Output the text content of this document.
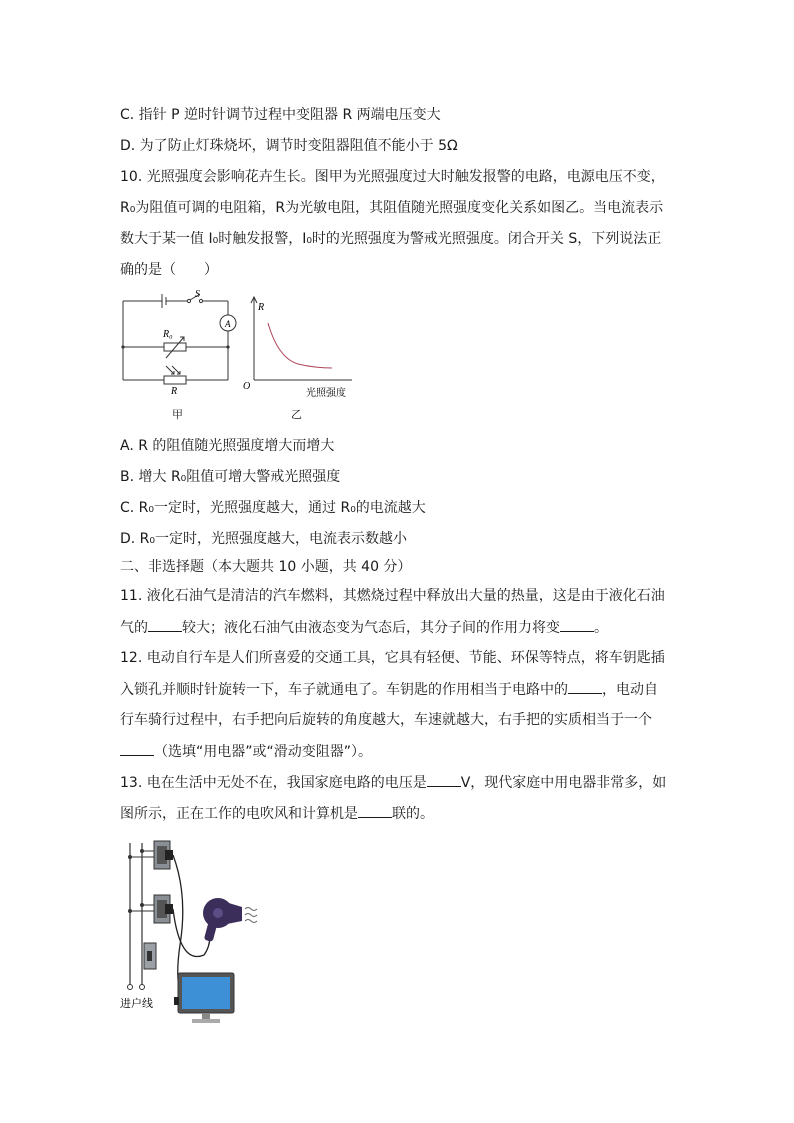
C. 指针 P 逆时针调节过程中变阻器 R 两端电压变大
D. 为了防止灯珠烧坏，调节时变阻器阻值不能小于 5Ω
10. 光照强度会影响花卉生长。图甲为光照强度过大时触发报警的电路，电源电压不变，
R₀为阻值可调的电阻箱，R为光敏电阻，其阻值随光照强度变化关系如图乙。当电流表示
数大于某一值 I₀时触发报警，I₀时的光照强度为警戒光照强度。闭合开关 S，下列说法正
确的是（　　）
S
A
R₀
R
甲
R
O
光照强度
乙
A. R 的阻值随光照强度增大而增大
B. 增大 R₀阻值可增大警戒光照强度
C. R₀一定时，光照强度越大，通过 R₀的电流越大
D. R₀一定时，光照强度越大，电流表示数越小
二、非选择题（本大题共 10 小题，共 40 分）
11. 液化石油气是清洁的汽车燃料，其燃烧过程中释放出大量的热量，这是由于液化石油
气的 较大；液化石油气由液态变为气态后，其分子间的作用力将变 。
12. 电动自行车是人们所喜爱的交通工具，它具有轻便、节能、环保等特点，将车钥匙插
入锁孔并顺时针旋转一下，车子就通电了。车钥匙的作用相当于电路中的 ，电动自
行车骑行过程中，右手把向后旋转的角度越大，车速就越大，右手把的实质相当于一个
（选填“用电器”或“滑动变阻器”）。
13. 电在生活中无处不在，我国家庭电路的电压是 V，现代家庭中用电器非常多，如
图所示，正在工作的电吹风和计算机是 联的。
进户线
